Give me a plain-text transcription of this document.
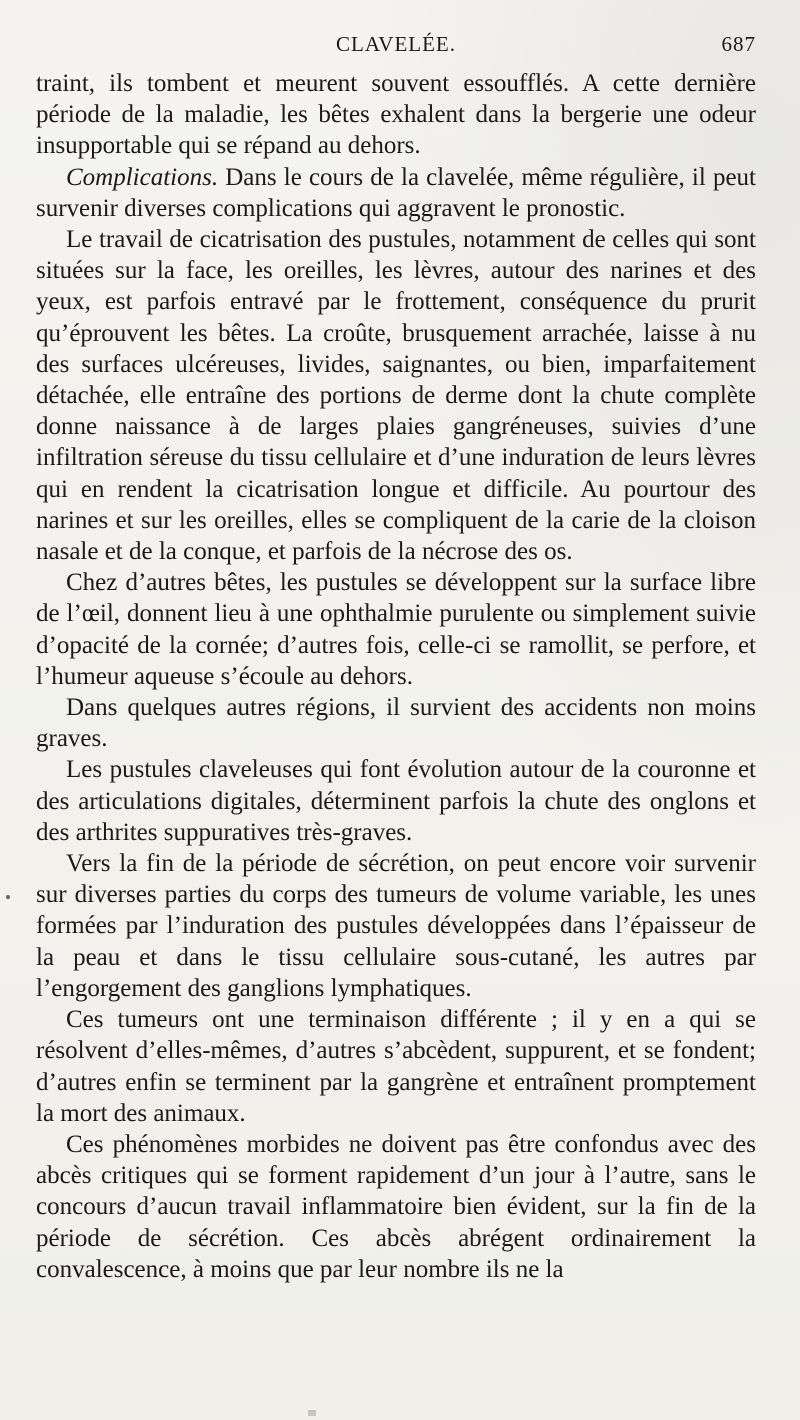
CLAVELÉE.	687

traint, ils tombent et meurent souvent essoufflés. A cette dernière période de la maladie, les bêtes exhalent dans la bergerie une odeur insupportable qui se répand au dehors.

Complications. Dans le cours de la clavelée, même régulière, il peut survenir diverses complications qui aggravent le pronostic.

Le travail de cicatrisation des pustules, notamment de celles qui sont situées sur la face, les oreilles, les lèvres, autour des narines et des yeux, est parfois entravé par le frottement, conséquence du prurit qu’éprouvent les bêtes. La croûte, brusquement arrachée, laisse à nu des surfaces ulcéreuses, livides, saignantes, ou bien, imparfaitement détachée, elle entraîne des portions de derme dont la chute complète donne naissance à de larges plaies gangréneuses, suivies d’une infiltration séreuse du tissu cellulaire et d’une induration de leurs lèvres qui en rendent la cicatrisation longue et difficile. Au pourtour des narines et sur les oreilles, elles se compliquent de la carie de la cloison nasale et de la conque, et parfois de la nécrose des os.

Chez d’autres bêtes, les pustules se développent sur la surface libre de l’œil, donnent lieu à une ophthalmie purulente ou simplement suivie d’opacité de la cornée; d’autres fois, celle-ci se ramollit, se perfore, et l’humeur aqueuse s’écoule au dehors.

Dans quelques autres régions, il survient des accidents non moins graves.

Les pustules claveleuses qui font évolution autour de la couronne et des articulations digitales, déterminent parfois la chute des onglons et des arthrites suppuratives très-graves.

Vers la fin de la période de sécrétion, on peut encore voir survenir sur diverses parties du corps des tumeurs de volume variable, les unes formées par l’induration des pustules développées dans l’épaisseur de la peau et dans le tissu cellulaire sous-cutané, les autres par l’engorgement des ganglions lymphatiques.

Ces tumeurs ont une terminaison différente ; il y en a qui se résolvent d’elles-mêmes, d’autres s’abcèdent, suppurent, et se fondent; d’autres enfin se terminent par la gangrène et entraînent promptement la mort des animaux.

Ces phénomènes morbides ne doivent pas être confondus avec des abcès critiques qui se forment rapidement d’un jour à l’autre, sans le concours d’aucun travail inflammatoire bien évident, sur la fin de la période de sécrétion. Ces abcès abrégent ordinairement la convalescence, à moins que par leur nombre ils ne la
